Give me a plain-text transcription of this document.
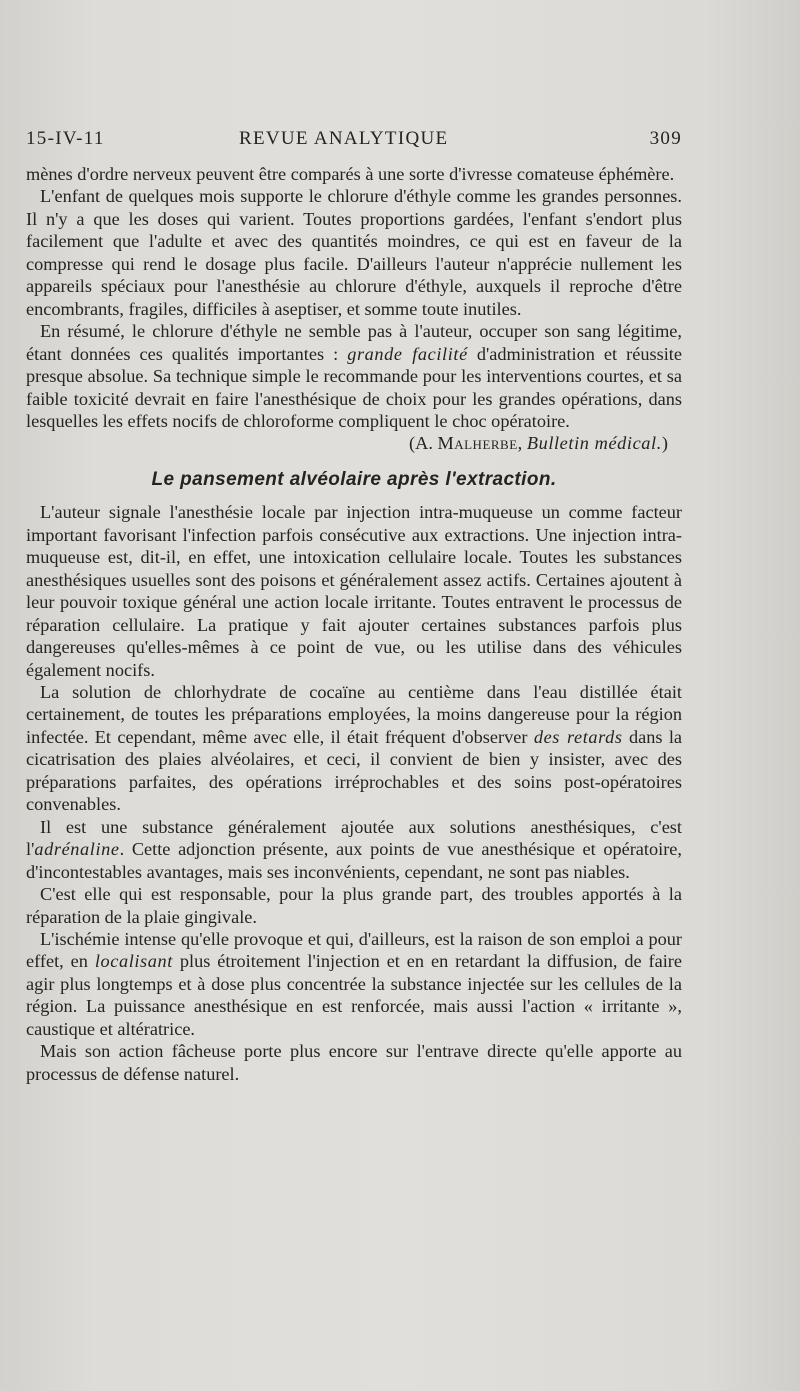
15-IV-11	REVUE ANALYTIQUE	309

mènes d'ordre nerveux peuvent être comparés à une sorte d'ivresse comateuse éphémère.

L'enfant de quelques mois supporte le chlorure d'éthyle comme les grandes personnes. Il n'y a que les doses qui varient. Toutes proportions gardées, l'enfant s'endort plus facilement que l'adulte et avec des quantités moindres, ce qui est en faveur de la compresse qui rend le dosage plus facile. D'ailleurs l'auteur n'apprécie nullement les appareils spéciaux pour l'anesthésie au chlorure d'éthyle, auxquels il reproche d'être encombrants, fragiles, difficiles à aseptiser, et somme toute inutiles.

En résumé, le chlorure d'éthyle ne semble pas à l'auteur, occuper son sang légitime, étant données ces qualités importantes : grande facilité d'administration et réussite presque absolue. Sa technique simple le recommande pour les interventions courtes, et sa faible toxicité devrait en faire l'anesthésique de choix pour les grandes opérations, dans lesquelles les effets nocifs de chloroforme compliquent le choc opératoire.

(A. Malherbe, Bulletin médical.)

Le pansement alvéolaire après l'extraction.

L'auteur signale l'anesthésie locale par injection intra-muqueuse un comme facteur important favorisant l'infection parfois consécutive aux extractions. Une injection intra-muqueuse est, dit-il, en effet, une intoxication cellulaire locale. Toutes les substances anesthésiques usuelles sont des poisons et généralement assez actifs. Certaines ajoutent à leur pouvoir toxique général une action locale irritante. Toutes entravent le processus de réparation cellulaire. La pratique y fait ajouter certaines substances parfois plus dangereuses qu'elles-mêmes à ce point de vue, ou les utilise dans des véhicules également nocifs.

La solution de chlorhydrate de cocaïne au centième dans l'eau distillée était certainement, de toutes les préparations employées, la moins dangereuse pour la région infectée. Et cependant, même avec elle, il était fréquent d'observer des retards dans la cicatrisation des plaies alvéolaires, et ceci, il convient de bien y insister, avec des préparations parfaites, des opérations irréprochables et des soins post-opératoires convenables.

Il est une substance généralement ajoutée aux solutions anesthésiques, c'est l'adrénaline. Cette adjonction présente, aux points de vue anesthésique et opératoire, d'incontestables avantages, mais ses inconvénients, cependant, ne sont pas niables.

C'est elle qui est responsable, pour la plus grande part, des troubles apportés à la réparation de la plaie gingivale.

L'ischémie intense qu'elle provoque et qui, d'ailleurs, est la raison de son emploi a pour effet, en localisant plus étroitement l'injection et en en retardant la diffusion, de faire agir plus longtemps et à dose plus concentrée la substance injectée sur les cellules de la région. La puissance anesthésique en est renforcée, mais aussi l'action « irritante », caustique et altératrice.

Mais son action fâcheuse porte plus encore sur l'entrave directe qu'elle apporte au processus de défense naturel.
